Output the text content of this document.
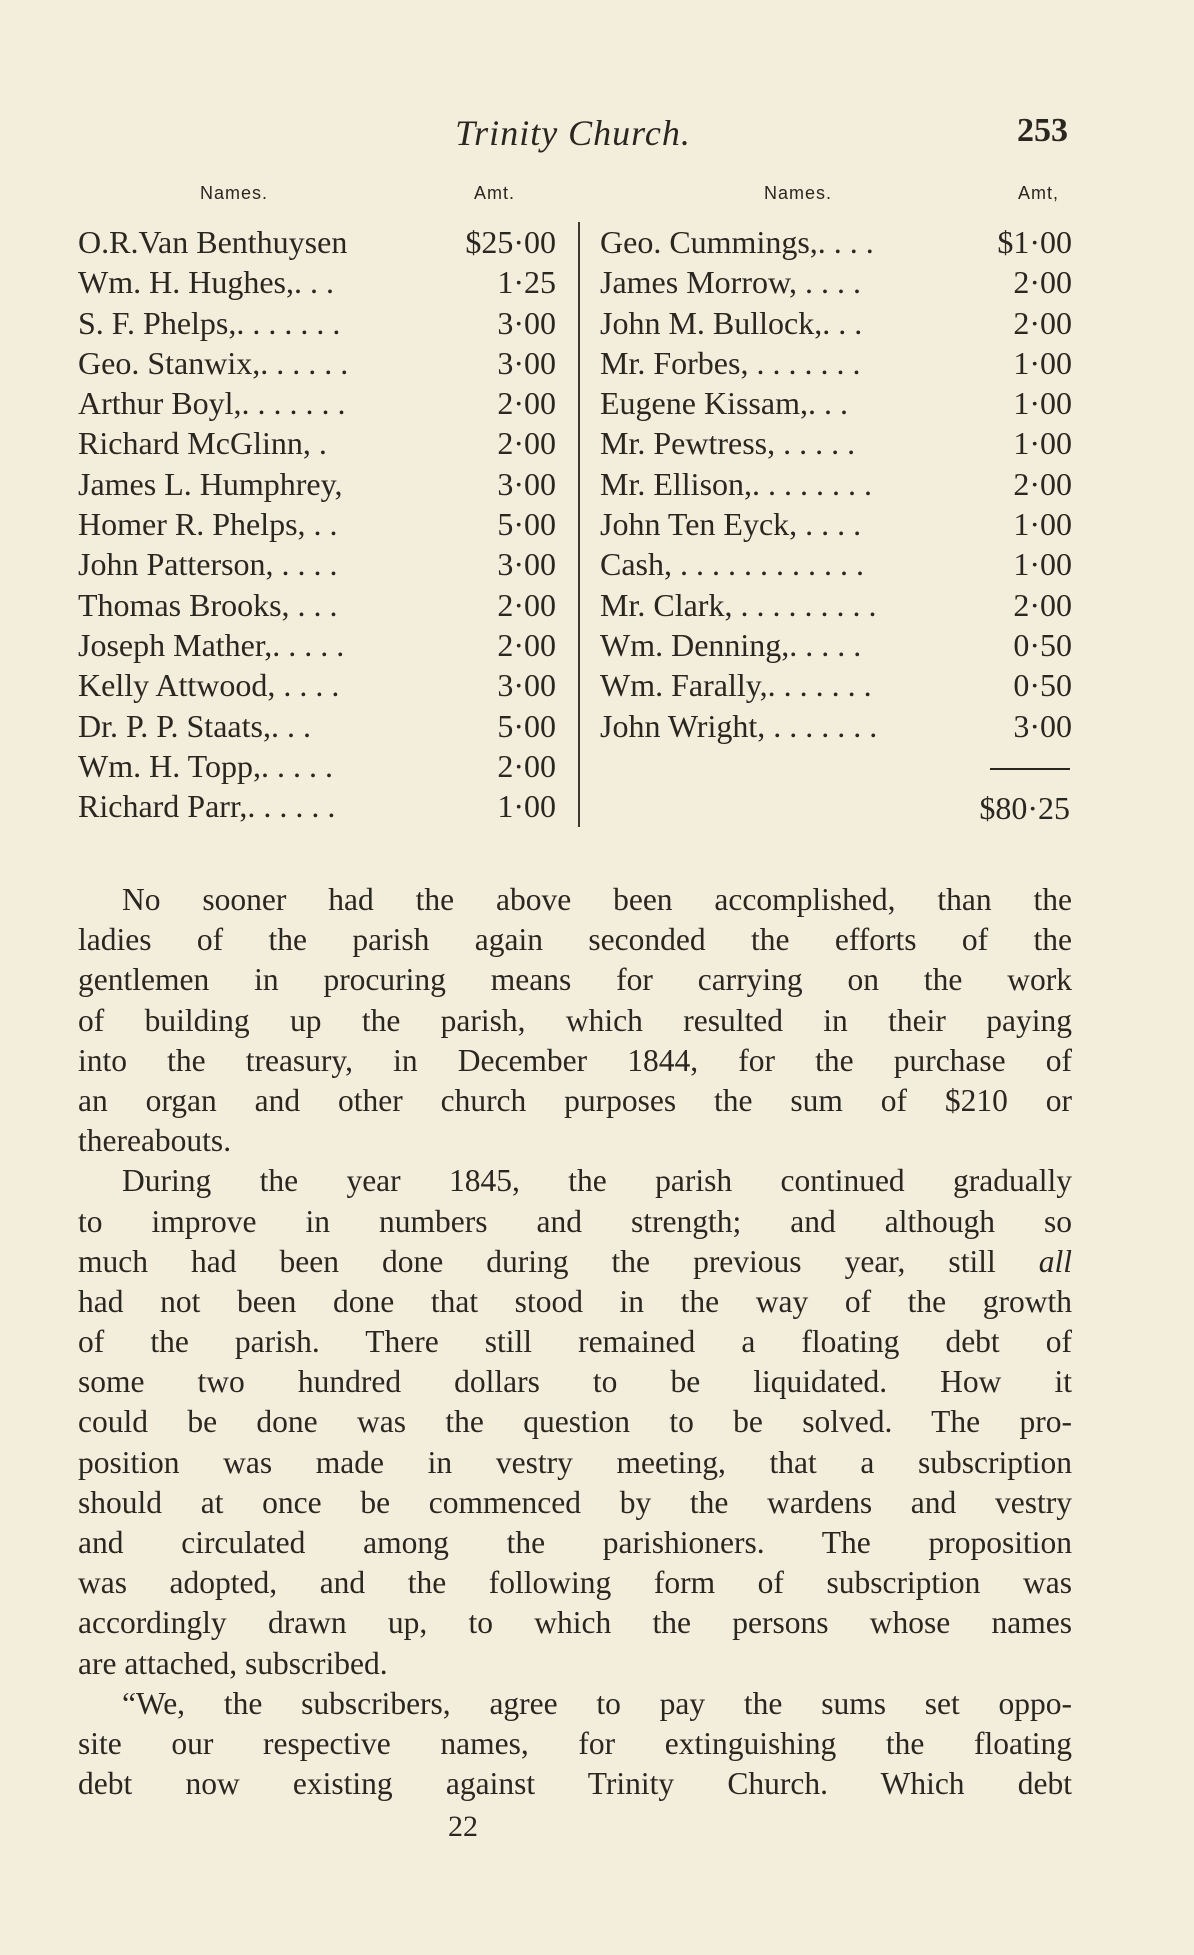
Trinity Church.	253
Names.	Amt.	Names.	Amt,
O.R.Van Benthuysen	$25·00
Wm. H. Hughes,. . .	1·25
S. F. Phelps,. . . . . . .	3·00
Geo. Stanwix,. . . . . .	3·00
Arthur Boyl,. . . . . . .	2·00
Richard McGlinn, .	2·00
James L. Humphrey,	3·00
Homer R. Phelps, . .	5·00
John Patterson, . . . .	3·00
Thomas Brooks, . . .	2·00
Joseph Mather,. . . . .	2·00
Kelly Attwood, . . . .	3·00
Dr. P. P. Staats,. . .	5·00
Wm. H. Topp,. . . . .	2·00
Richard Parr,. . . . . .	1·00
Geo. Cummings,. . . .	$1·00
James Morrow, . . . .	2·00
John M. Bullock,. . .	2·00
Mr. Forbes, . . . . . . .	1·00
Eugene Kissam,. . .	1·00
Mr. Pewtress, . . . . .	1·00
Mr. Ellison,. . . . . . . .	2·00
John Ten Eyck, . . . .	1·00
Cash, . . . . . . . . . . . .	1·00
Mr. Clark, . . . . . . . . .	2·00
Wm. Denning,. . . . .	0·50
Wm. Farally,. . . . . . .	0·50
John Wright, . . . . . . .	3·00
$80·25
No sooner had the above been accomplished, than the
ladies of the parish again seconded the efforts of the
gentlemen in procuring means for carrying on the work
of building up the parish, which resulted in their paying
into the treasury, in December 1844, for the purchase of
an organ and other church purposes the sum of $210 or
thereabouts.
During the year 1845, the parish continued gradually
to improve in numbers and strength; and although so
much had been done during the previous year, still all
had not been done that stood in the way of the growth
of the parish. There still remained a floating debt of
some two hundred dollars to be liquidated. How it
could be done was the question to be solved. The pro-
position was made in vestry meeting, that a subscription
should at once be commenced by the wardens and vestry
and circulated among the parishioners. The proposition
was adopted, and the following form of subscription was
accordingly drawn up, to which the persons whose names
are attached, subscribed.
“We, the subscribers, agree to pay the sums set oppo-
site our respective names, for extinguishing the floating
debt now existing against Trinity Church. Which debt
22
